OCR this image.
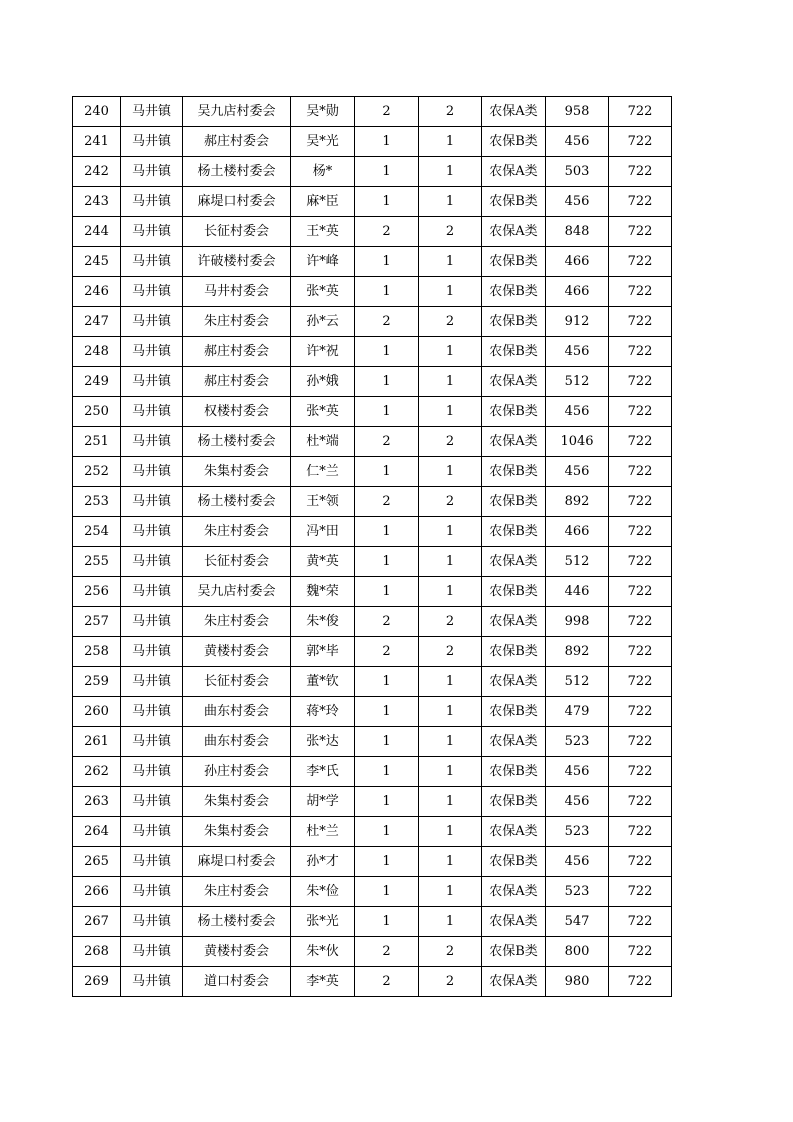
240	马井镇	吴九店村委会	吴*勋	2	2	农保A类	958	722
241	马井镇	郝庄村委会	吴*光	1	1	农保B类	456	722
242	马井镇	杨土楼村委会	杨*	1	1	农保A类	503	722
243	马井镇	麻堤口村委会	麻*臣	1	1	农保B类	456	722
244	马井镇	长征村委会	王*英	2	2	农保A类	848	722
245	马井镇	许破楼村委会	许*峰	1	1	农保B类	466	722
246	马井镇	马井村委会	张*英	1	1	农保B类	466	722
247	马井镇	朱庄村委会	孙*云	2	2	农保B类	912	722
248	马井镇	郝庄村委会	许*祝	1	1	农保B类	456	722
249	马井镇	郝庄村委会	孙*娥	1	1	农保A类	512	722
250	马井镇	权楼村委会	张*英	1	1	农保B类	456	722
251	马井镇	杨土楼村委会	杜*端	2	2	农保A类	1046	722
252	马井镇	朱集村委会	仁*兰	1	1	农保B类	456	722
253	马井镇	杨土楼村委会	王*领	2	2	农保B类	892	722
254	马井镇	朱庄村委会	冯*田	1	1	农保B类	466	722
255	马井镇	长征村委会	黄*英	1	1	农保A类	512	722
256	马井镇	吴九店村委会	魏*荣	1	1	农保B类	446	722
257	马井镇	朱庄村委会	朱*俊	2	2	农保A类	998	722
258	马井镇	黄楼村委会	郭*毕	2	2	农保B类	892	722
259	马井镇	长征村委会	董*钦	1	1	农保A类	512	722
260	马井镇	曲东村委会	蒋*玲	1	1	农保B类	479	722
261	马井镇	曲东村委会	张*达	1	1	农保A类	523	722
262	马井镇	孙庄村委会	李*氏	1	1	农保B类	456	722
263	马井镇	朱集村委会	胡*学	1	1	农保B类	456	722
264	马井镇	朱集村委会	杜*兰	1	1	农保A类	523	722
265	马井镇	麻堤口村委会	孙*才	1	1	农保B类	456	722
266	马井镇	朱庄村委会	朱*俭	1	1	农保A类	523	722
267	马井镇	杨土楼村委会	张*光	1	1	农保A类	547	722
268	马井镇	黄楼村委会	朱*伙	2	2	农保B类	800	722
269	马井镇	道口村委会	李*英	2	2	农保A类	980	722
